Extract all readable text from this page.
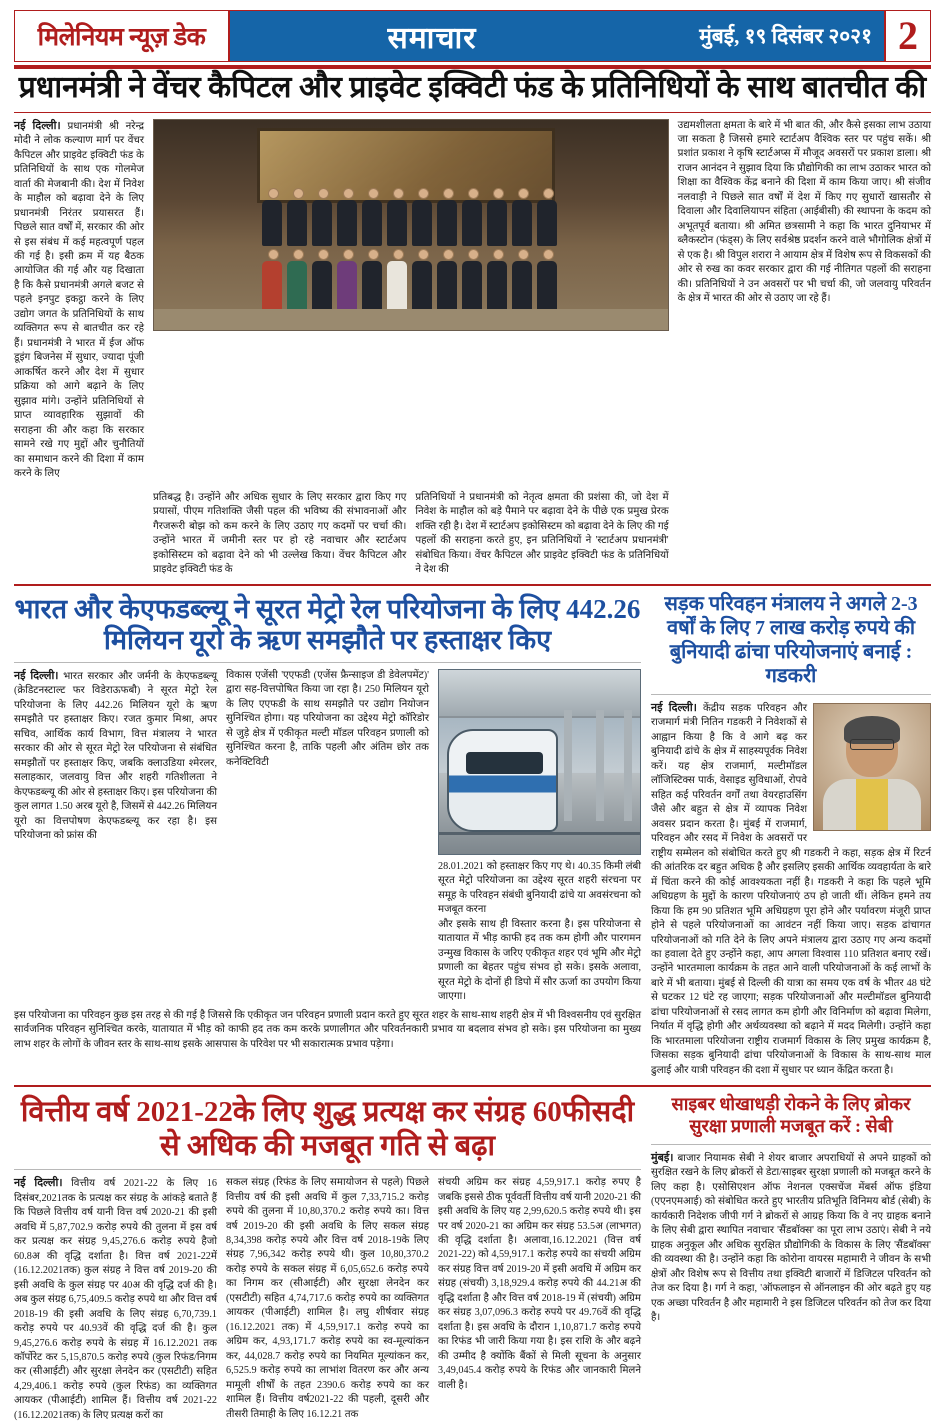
मिलेनियम न्यूज़ डेक	समाचार	मुंबई, १९ दिसंबर २०२१ 2
प्रधानमंत्री ने वेंचर कैपिटल और प्राइवेट इक्विटी फंड के प्रतिनिधियों के साथ बातचीत की
नई दिल्ली। प्रधानमंत्री श्री नरेन्द्र मोदी ने लोक कल्याण मार्ग पर वेंचर कैपिटल और प्राइवेट इक्विटी फंड के प्रतिनिधियों के साथ एक गोलमेज वार्ता की मेजबानी की। देश में निवेश के माहौल को बढ़ावा देने के लिए प्रधानमंत्री निरंतर प्रयासरत हैं। पिछले सात वर्षों में, सरकार की ओर से इस संबंध में कई महत्वपूर्ण पहल की गई है। इसी क्रम में यह बैठक आयोजित की गई और यह दिखाता है कि कैसे प्रधानमंत्री अगले बजट से पहले इनपुट इकट्ठा करने के लिए उद्योग जगत के प्रतिनिधियों के साथ व्यक्तिगत रूप से बातचीत कर रहे हैं। प्रधानमंत्री ने भारत में ईज ऑफ डूइंग बिजनेस में सुधार, ज्यादा पूंजी आकर्षित करने और देश में सुधार प्रक्रिया को आगे बढ़ाने के लिए सुझाव मांगे। उन्होंने प्रतिनिधियों से प्राप्त व्यावहारिक सुझावों की सराहना की और कहा कि सरकार सामने रखे गए मुद्दों और चुनौतियों का समाधान करने की दिशा में काम करने के लिए
उद्यमशीलता क्षमता के बारे में भी बात की, और कैसे इसका लाभ उठाया जा सकता है जिससे हमारे स्टार्टअप वैश्विक स्तर पर पहुंच सकें। श्री प्रशांत प्रकाश ने कृषि स्टार्टअप्स में मौजूद अवसरों पर प्रकाश डाला। श्री राजन आनंदन ने सुझाव दिया कि प्रौद्योगिकी का लाभ उठाकर भारत को शिक्षा का वैश्विक केंद्र बनाने की दिशा में काम किया जाए। श्री संजीव नलवाड़ी ने पिछले सात वर्षों में देश में किए गए सुधारों खासतौर से दिवाला और दिवालियापन संहिता (आईबीसी) की स्थापना के कदम को अभूतपूर्व बताया। श्री अमित छत्रसामी ने कहा कि भारत दुनियाभर में ब्लैकस्टोन (फंड्स) के लिए सर्वश्रेष्ठ प्रदर्शन करने वाले भौगोलिक क्षेत्रों में से एक है। श्री विपुल शरारा ने आयाम क्षेत्र में विशेष रूप से विकसकों की ओर से रुख का कवर सरकार द्वारा की गई नीतिगत पहलों की सराहना की। प्रतिनिधियों ने उन अवसरों पर भी चर्चा की, जो जलवायु परिवर्तन के क्षेत्र में भारत की ओर से उठाए जा रहे हैं।
प्रतिबद्ध है। उन्होंने और अधिक सुधार के लिए सरकार द्वारा किए गए प्रयासों, पीएम गतिशक्ति जैसी पहल की भविष्य की संभावनाओं और गैरजरूरी बोझ को कम करने के लिए उठाए गए कदमों पर चर्चा की। उन्होंने भारत में जमीनी स्तर पर हो रहे नवाचार और स्टार्टअप इकोसिस्टम को बढ़ावा देने को भी उल्लेख किया। वेंचर कैपिटल और प्राइवेट इक्विटी फंड के
प्रतिनिधियों ने प्रधानमंत्री को नेतृत्व क्षमता की प्रशंसा की, जो देश में निवेश के माहौल को बड़े पैमाने पर बढ़ावा देने के पीछे एक प्रमुख प्रेरक शक्ति रही है। देश में स्टार्टअप इकोसिस्टम को बढ़ावा देने के लिए की गई पहलों की सराहना करते हुए, इन प्रतिनिधियों ने 'स्टार्टअप प्रधानमंत्री' संबोधित किया। वेंचर कैपिटल और प्राइवेट इक्विटी फंड के प्रतिनिधियों ने देश की
भारत और केएफडब्ल्यू ने सूरत मेट्रो रेल परियोजना के लिए 442.26 मिलियन यूरो के ऋण समझौते पर हस्ताक्षर किए
नई दिल्ली। भारत सरकार और जर्मनी के केएफडब्ल्यू (क्रेडिटनस्टाल्ट फर विडेराऊफबौ) ने सूरत मेट्रो रेल परियोजना के लिए 442.26 मिलियन यूरो के ऋण समझौते पर हस्ताक्षर किए। रजत कुमार मिश्रा, अपर सचिव, आर्थिक कार्य विभाग, वित्त मंत्रालय ने भारत सरकार की ओर से सूरत मेट्रो रेल परियोजना से संबंधित समझौतों पर हस्ताक्षर किए, जबकि क्लाउडिया श्मेरलर, सलाहकार, जलवायु वित्त और शहरी गतिशीलता ने केएफडब्ल्यू की ओर से हस्ताक्षर किए। इस परियोजना की कुल लागत 1.50 अरब यूरो है, जिसमें से 442.26 मिलियन यूरो का वित्तपोषण केएफडब्ल्यू कर रहा है। इस परियोजना को फ्रांस की
विकास एजेंसी 'एएफडी (एजेंस फ्रैन्साइज डी डेवेलपमेंट)' द्वारा सह-वित्तपोषित किया जा रहा है। 250 मिलियन यूरो के लिए एएफडी के साथ समझौते पर उद्योग नियोजन सुनिश्चित होगा। यह परियोजना का उद्देश्य मेट्रो कॉरिडोर से जुड़े क्षेत्र में एकीकृत मल्टी मॉडल परिवहन प्रणाली को सुनिश्चित करना है, ताकि पहली और अंतिम छोर तक कनेक्टिविटी
28.01.2021 को हस्ताक्षर किए गए थे। 40.35 किमी लंबी सूरत मेट्रो परियोजना का उद्देश्य सूरत शहरी संरचना पर समूह के परिवहन संबंधी बुनियादी ढांचे या अवसंरचना को मजबूत करना
और इसके साथ ही विस्तार करना है। इस परियोजना से यातायात में भीड़ काफी हद तक कम होगी और पारगमन उन्मुख विकास के जरिए एकीकृत शहर एवं भूमि और मेट्रो प्रणाली का बेहतर पहुंच संभव हो सके। इसके अलावा, सूरत मेट्रो के दोनों ही डिपो में सौर ऊर्जा का उपयोग किया जाएगा।
इस परियोजना का परिवहन कुछ इस तरह से की गई है जिससे कि एकीकृत जन परिवहन प्रणाली प्रदान करते हुए सूरत शहर के साथ-साथ शहरी क्षेत्र में भी विश्वसनीय एवं सुरक्षित सार्वजनिक परिवहन सुनिश्चित करके, यातायात में भीड़ को काफी हद तक कम करके प्रणालीगत और परिवर्तनकारी प्रभाव या बदलाव संभव हो सके। इस परियोजना का मुख्य लाभ शहर के लोगों के जीवन स्तर के साथ-साथ इसके आसपास के परिवेश पर भी सकारात्मक प्रभाव पड़ेगा।
सड़क परिवहन मंत्रालय ने अगले 2-3 वर्षों के लिए 7 लाख करोड़ रुपये की बुनियादी ढांचा परियोजनाएं बनाई : गडकरी
नई दिल्ली। केंद्रीय सड़क परिवहन और राजमार्ग मंत्री नितिन गडकरी ने निवेशकों से आह्वान किया है कि वे आगे बढ़ कर बुनियादी ढांचे के क्षेत्र में साहस्यपूर्वक निवेश करें। यह क्षेत्र राजमार्ग, मल्टीमॉडल लॉजिस्टिक्स पार्क, वेसाइड सुविधाओं, रोपवे सहित कई परिवर्तन वर्गों तथा वेयरहाउसिंग जैसे और बहुत से क्षेत्र में व्यापक निवेश अवसर प्रदान करता है। मुंबई में राजमार्ग, परिवहन और रसद में निवेश के अवसरों पर राष्ट्रीय सम्मेलन को संबोधित करते हुए श्री गडकरी ने कहा, सड़क क्षेत्र में रिटर्न की आंतरिक दर बहुत अधिक है और इसलिए इसकी आर्थिक व्यवहार्यता के बारे में चिंता करने की कोई आवश्यकता नहीं है। गडकरी ने कहा कि पहले भूमि अधिग्रहण के मुद्दों के कारण परियोजनाएं ठप हो जाती थीं। लेकिन हमने तय किया कि हम 90 प्रतिशत भूमि अधिग्रहण पूरा होने और पर्यावरण मंजूरी प्राप्त होने से पहले परियोजनाओं का आवंटन नहीं किया जाए। सड़क ढांचागत परियोजनाओं को गति देने के लिए अपने मंत्रालय द्वारा उठाए गए अन्य कदमों का हवाला देते हुए उन्होंने कहा, आप अगला विश्वास 110 प्रतिशत बनाए रखें। उन्होंने भारतमाला कार्यक्रम के तहत आने वाली परियोजनाओं के कई लाभों के बारे में भी बताया। मुंबई से दिल्ली की यात्रा का समय एक वर्ष के भीतर 48 घंटे से घटकर 12 घंटे रह जाएगा; सड़क परियोजनाओं और मल्टीमॉडल बुनियादी ढांचा परियोजनाओं से रसद लागत कम होगी और विनिर्माण को बढ़ावा मिलेगा, निर्यात में वृद्धि होगी और अर्थव्यवस्था को बढ़ाने में मदद मिलेगी। उन्होंने कहा कि भारतमाला परियोजना राष्ट्रीय राजमार्ग विकास के लिए प्रमुख कार्यक्रम है, जिसका सड़क बुनियादी ढांचा परियोजनाओं के विकास के साथ-साथ माल ढुलाई और यात्री परिवहन की दशा में सुधार पर ध्यान केंद्रित करता है।
वित्तीय वर्ष 2021-22के लिए शुद्ध प्रत्यक्ष कर संग्रह 60फीसदी से अधिक की मजबूत गति से बढ़ा
नई दिल्ली। वित्तीय वर्ष 2021-22 के लिए 16 दिसंबर,2021तक के प्रत्यक्ष कर संग्रह के आंकड़े बताते हैं कि पिछले वित्तीय वर्ष यानी वित्त वर्ष 2020-21 की इसी अवधि में 5,87,702.9 करोड़ रुपये की तुलना में इस वर्ष कर प्रत्यक्ष कर संग्रह 9,45,276.6 करोड़ रुपये हैजो 60.8अ की वृद्धि दर्शाता है। वित्त वर्ष 2021-22में (16.12.2021तक) कुल संग्रह ने वित्त वर्ष 2019-20 की इसी अवधि के कुल संग्रह पर 40अ की वृद्धि दर्ज की है।अब कुल संग्रह 6,75,409.5 करोड़ रुपये था और वित्त वर्ष 2018-19 की इसी अवधि के लिए संग्रह 6,70,739.1 करोड़ रुपये पर 40.93वें की वृद्धि दर्ज की है। कुल 9,45,276.6 करोड़ रुपये के संग्रह में 16.12.2021 तक कॉर्पोरेट कर 5,15,870.5 करोड़ रुपये (कुल रिफंड/निगम कर (सीआईटी) और सुरक्षा लेनदेन कर (एसटीटी) सहित 4,29,406.1 करोड़ रुपये (कुल रिफंड) का व्यक्तिगत आयकर (पीआईटी) शामिल हैं। वित्तीय वर्ष 2021-22 (16.12.2021तक) के लिए प्रत्यक्ष करों का
सकल संग्रह (रिफंड के लिए समायोजन से पहले) पिछले वित्तीय वर्ष की इसी अवधि में कुल 7,33,715.2 करोड़ रुपये की तुलना में 10,80,370.2 करोड़ रुपये का। वित्त वर्ष 2019-20 की इसी अवधि के लिए सकल संग्रह 8,34,398 करोड़ रुपये और वित्त वर्ष 2018-19के लिए संग्रह 7,96,342 करोड़ रुपये थी। कुल 10,80,370.2 करोड़ रुपये के सकल संग्रह में 6,05,652.6 करोड़ रुपये का निगम कर (सीआईटी) और सुरक्षा लेनदेन कर (एसटीटी) सहित 4,74,717.6 करोड़ रुपये का व्यक्तिगत आयकर (पीआईटी) शामिल है। लघु शीर्षवार संग्रह (16.12.2021 तक) में 4,59,917.1 करोड़ रुपये का अग्रिम कर, 4,93,171.7 करोड़ रुपये का स्व-मूल्यांकन कर, 44,028.7 करोड़ रुपये का नियमित मूल्यांकन कर, 6,525.9 करोड़ रुपये का लाभांश वितरण कर और अन्य मामूली शीर्षों के तहत 2390.6 करोड़ रुपये का कर शामिल हैं। वित्तीय वर्ष2021-22 की पहली, दूसरी और तीसरी तिमाही के लिए 16.12.21 तक
संचयी अग्रिम कर संग्रह 4,59,917.1 करोड़ रुपए है जबकि इससे ठीक पूर्ववर्ती वित्तीय वर्ष यानी 2020-21 की इसी अवधि के लिए यह 2,99,620.5 करोड़ रुपये थी। इस पर वर्ष 2020-21 का अग्रिम कर संग्रह 53.5अ (लाभगत) की वृद्धि दर्शाता है। अलावा,16.12.2021 (वित्त वर्ष 2021-22) को 4,59,917.1 करोड़ रुपये का संचयी अग्रिम कर संग्रह वित्त वर्ष 2019-20 में इसी अवधि में अग्रिम कर संग्रह (संचयी) 3,18,929.4 करोड़ रुपये की 44.21अ की वृद्धि दर्शाता है और वित्त वर्ष 2018-19 में (संचयी) अग्रिम कर संग्रह 3,07,096.3 करोड़ रुपये पर 49.76वें की वृद्धि दर्शाता है। इस अवधि के दौरान 1,10,871.7 करोड़ रुपये का रिफंड भी जारी किया गया है। इस राशि के और बढ़ने की उम्मीद है क्योंकि बैंकों से मिली सूचना के अनुसार 3,49,045.4 करोड़ रुपये के रिफंड और जानकारी मिलने वाली है।
साइबर धोखाधड़ी रोकने के लिए ब्रोकर सुरक्षा प्रणाली मजबूत करें : सेबी
मुंबई। बाजार नियामक सेबी ने शेयर बाजार अपराधियों से अपने ग्राहकों को सुरक्षित रखने के लिए ब्रोकरों से डेटा/साइबर सुरक्षा प्रणाली को मजबूत करने के लिए कहा है। एसोसिएशन ऑफ नेशनल एक्सचेंज मेंबर्स ऑफ इंडिया (एएनएमआई) को संबोधित करते हुए भारतीय प्रतिभूति विनिमय बोर्ड (सेबी) के कार्यकारी निदेशक जीपी गर्ग ने ब्रोकरों से आग्रह किया कि वे नए ग्राहक बनाने के लिए सेबी द्वारा स्थापित नवाचार 'सैंडबॉक्स' का पूरा लाभ उठाएं। सेबी ने नये ग्राहक अनुकूल और अधिक सुरक्षित प्रौद्योगिकी के विकास के लिए 'सैंडबॉक्स' की व्यवस्था की है। उन्होंने कहा कि कोरोना वायरस महामारी ने जीवन के सभी क्षेत्रों और विशेष रूप से वित्तीय तथा इक्विटी बाजारों में डिजिटल परिवर्तन को तेज कर दिया है। गर्ग ने कहा, 'ऑफलाइन से ऑनलाइन की ओर बढ़ते हुए यह एक अच्छा परिवर्तन है और महामारी ने इस डिजिटल परिवर्तन को तेज कर दिया है।
